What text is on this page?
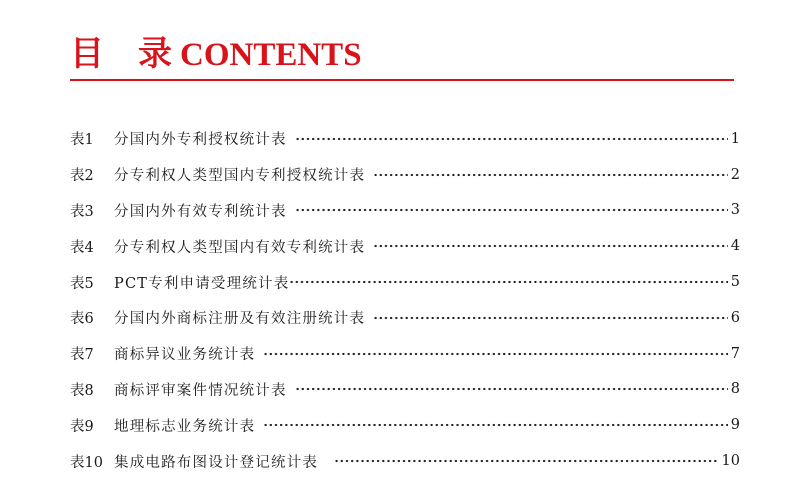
目 录 CONTENTS
表1	分国内外专利授权统计表	1
表2	分专利权人类型国内专利授权统计表	2
表3	分国内外有效专利统计表	3
表4	分专利权人类型国内有效专利统计表	4
表5	PCT专利申请受理统计表	5
表6	分国内外商标注册及有效注册统计表	6
表7	商标异议业务统计表	7
表8	商标评审案件情况统计表	8
表9	地理标志业务统计表	9
表10 集成电路布图设计登记统计表	10
